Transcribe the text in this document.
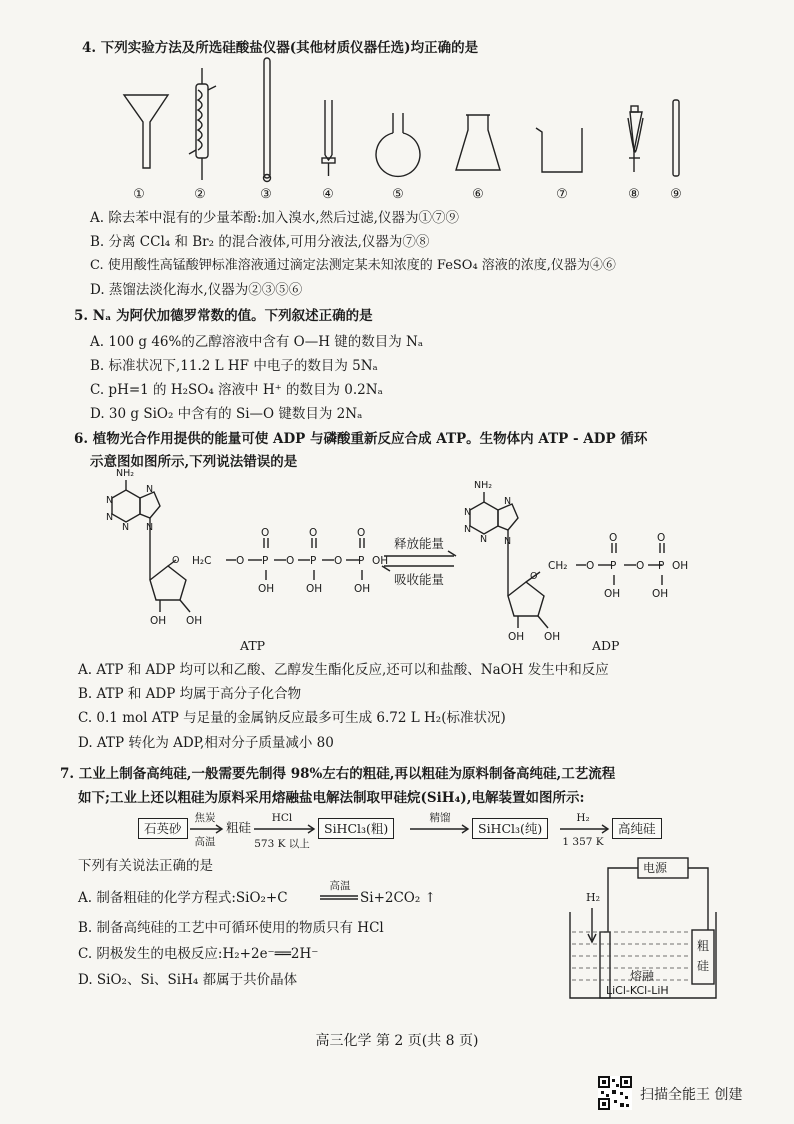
4. 下列实验方法及所选硅酸盐仪器(其他材质仪器任选)均正确的是
①	②	③	④	⑤	⑥	⑦	⑧	⑨
A. 除去苯中混有的少量苯酚:加入溴水,然后过滤,仪器为①⑦⑨
B. 分离 CCl₄ 和 Br₂ 的混合液体,可用分液法,仪器为⑦⑧
C. 使用酸性高锰酸钾标准溶液通过滴定法测定某未知浓度的 FeSO₄ 溶液的浓度,仪器为④⑥
D. 蒸馏法淡化海水,仪器为②③⑤⑥
5. Nₐ 为阿伏加德罗常数的值。下列叙述正确的是
A. 100 g 46%的乙醇溶液中含有 O—H 键的数目为 Nₐ
B. 标准状况下,11.2 L HF 中电子的数目为 5Nₐ
C. pH=1 的 H₂SO₄ 溶液中 H⁺ 的数目为 0.2Nₐ
D. 30 g SiO₂ 中含有的 Si—O 键数目为 2Nₐ
6. 植物光合作用提供的能量可使 ADP 与磷酸重新反应合成 ATP。生物体内 ATP - ADP 循环
示意图如图所示,下列说法错误的是
NH₂
N
N
N
N
N
O H₂C O P O P O P OH
O	O	O
OH	OH	OH
OH OH
NH₂
N
N
N
N
N
O
CH₂ O P O P OH
O	O
OH	OH
OH OH
释放能量
吸收能量
ATP	ADP
A. ATP 和 ADP 均可以和乙酸、乙醇发生酯化反应,还可以和盐酸、NaOH 发生中和反应
B. ATP 和 ADP 均属于高分子化合物
C. 0.1 mol ATP 与足量的金属钠反应最多可生成 6.72 L H₂(标准状况)
D. ATP 转化为 ADP,相对分子质量减小 80
7. 工业上制备高纯硅,一般需要先制得 98%左右的粗硅,再以粗硅为原料制备高纯硅,工艺流程
如下;工业上还以粗硅为原料采用熔融盐电解法制取甲硅烷(SiH₄),电解装置如图所示:
石英砂
焦炭
高温
粗硅
HCl
573 K 以上
SiHCl₃(粗)
精馏
SiHCl₃(纯)
H₂
1 357 K
高纯硅
下列有关说法正确的是
A. 制备粗硅的化学方程式:SiO₂+C
高温
Si+2CO₂ ↑
B. 制备高纯硅的工艺中可循环使用的物质只有 HCl
C. 阴极发生的电极反应:H₂+2e⁻══2H⁻
D. SiO₂、Si、SiH₄ 都属于共价晶体
电源
H₂
粗
硅
熔融
LiCl-KCl-LiH
高三化学 第 2 页(共 8 页)
扫描全能王 创建
